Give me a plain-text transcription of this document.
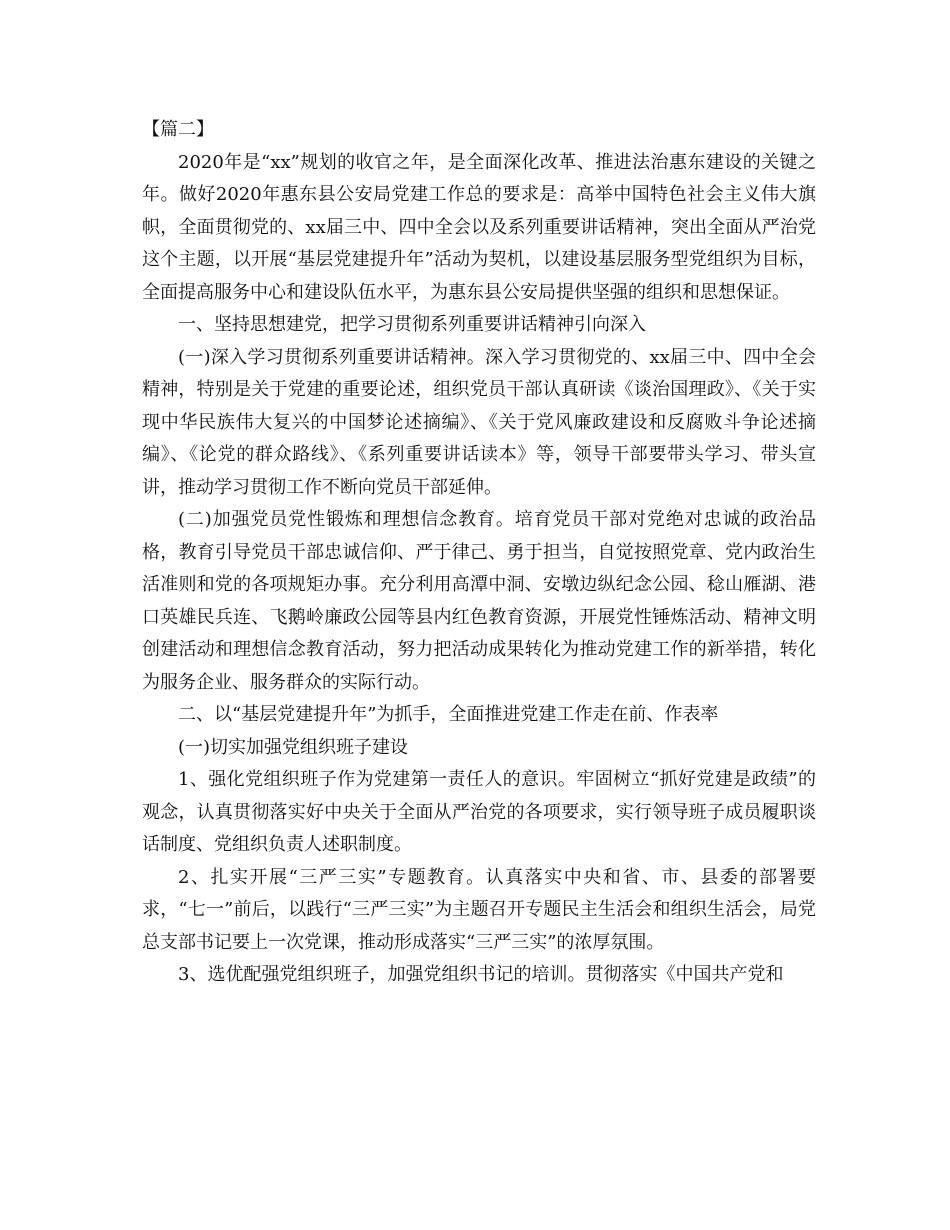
【篇二】

2020年是“xx”规划的收官之年，是全面深化改革、推进法治惠东建设的关键之年。做好2020年惠东县公安局党建工作总的要求是：高举中国特色社会主义伟大旗帜，全面贯彻党的、xx届三中、四中全会以及系列重要讲话精神，突出全面从严治党这个主题，以开展“基层党建提升年”活动为契机，以建设基层服务型党组织为目标，全面提高服务中心和建设队伍水平，为惠东县公安局提供坚强的组织和思想保证。

一、坚持思想建党，把学习贯彻系列重要讲话精神引向深入

(一)深入学习贯彻系列重要讲话精神。深入学习贯彻党的、xx届三中、四中全会精神，特别是关于党建的重要论述，组织党员干部认真研读《谈治国理政》、《关于实现中华民族伟大复兴的中国梦论述摘编》、《关于党风廉政建设和反腐败斗争论述摘编》、《论党的群众路线》、《系列重要讲话读本》等，领导干部要带头学习、带头宣讲，推动学习贯彻工作不断向党员干部延伸。

(二)加强党员党性锻炼和理想信念教育。培育党员干部对党绝对忠诚的政治品格，教育引导党员干部忠诚信仰、严于律己、勇于担当，自觉按照党章、党内政治生活准则和党的各项规矩办事。充分利用高潭中洞、安墩边纵纪念公园、稔山雁湖、港口英雄民兵连、飞鹅岭廉政公园等县内红色教育资源，开展党性锤炼活动、精神文明创建活动和理想信念教育活动，努力把活动成果转化为推动党建工作的新举措，转化为服务企业、服务群众的实际行动。

二、以“基层党建提升年”为抓手，全面推进党建工作走在前、作表率

(一)切实加强党组织班子建设

1、强化党组织班子作为党建第一责任人的意识。牢固树立“抓好党建是政绩”的观念，认真贯彻落实好中央关于全面从严治党的各项要求，实行领导班子成员履职谈话制度、党组织负责人述职制度。

2、扎实开展“三严三实”专题教育。认真落实中央和省、市、县委的部署要求，“七一”前后，以践行“三严三实”为主题召开专题民主生活会和组织生活会，局党总支部书记要上一次党课，推动形成落实“三严三实”的浓厚氛围。

3、选优配强党组织班子，加强党组织书记的培训。贯彻落实《中国共产党和
